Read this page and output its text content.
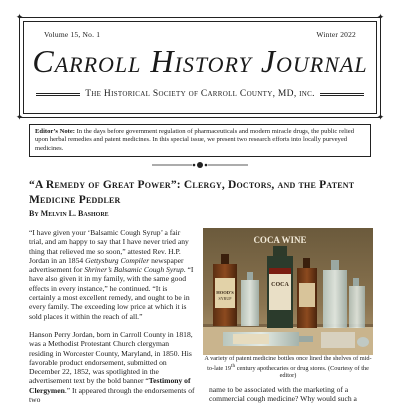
✦	✦
✦	✦
Volume 15, No. 1	Winter 2022
Carroll History Journal
The Historical Society of Carroll County, MD, inc.
Editor’s Note: In the days before government regulation of pharmaceuticals and modern miracle drugs, the public relied upon herbal remedies and patent medicines. In this special issue, we present two research efforts into locally purveyed medicines.
“A Remedy of Great Power”: Clergy, Doctors, and the Patent Medicine Peddler
By Melvin L. Bashore

“I have given your ‘Balsamic Cough Syrup’ a fair trial, and am happy to say that I have never tried any thing that relieved me so soon,” attested Rev. H.P. Jordan in an 1854 Gettysburg Compiler newspaper advertisement for Shriner’s Balsamic Cough Syrup. “I have also given it in my family, with the same good effects in every instance,” he continued. “It is certainly a most excellent remedy, and ought to be in every family. The exceeding low price at which it is sold places it within the reach of all.”

Hanson Perry Jordan, born in Carroll County in 1818, was a Methodist Protestant Church clergyman residing in Worcester County, Maryland, in 1850. His favorable product endorsement, submitted on December 22, 1852, was spotlighted in the advertisement text by the bold banner “Testimony of Clergymen.” It appeared through the endorsements of two

COCA WINE
COCA
HOOD'S
SYRUP
A variety of patent medicine bottles once lined the shelves of mid-to-late 19th century apothecaries or drug stores. (Courtesy of the editor)
name to be associated with the marketing of a commercial cough medicine? Why would such a
